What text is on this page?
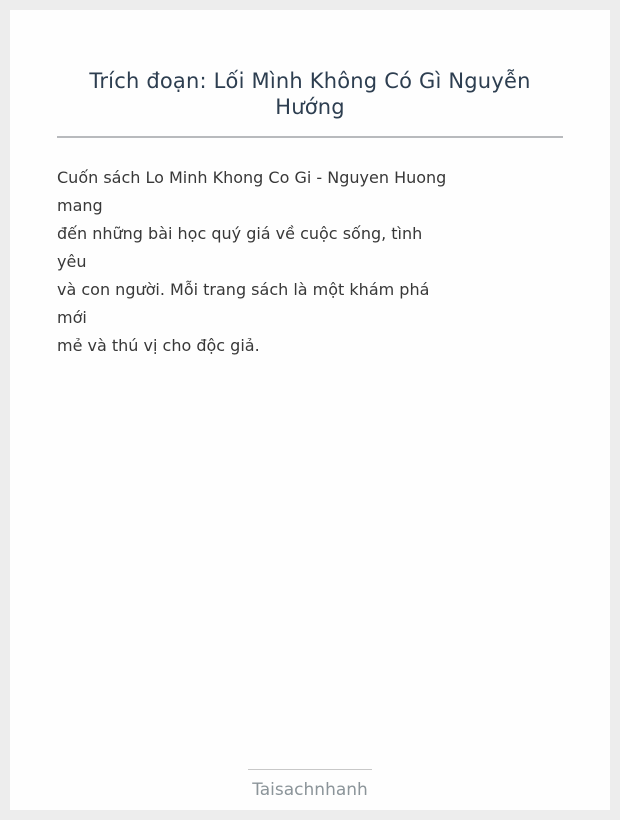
Trích đoạn: Lối Mình Không Có Gì Nguyễn Hướng
Cuốn sách Lo Minh Khong Co Gi - Nguyen Huong
mang
đến những bài học quý giá về cuộc sống, tình
yêu
và con người. Mỗi trang sách là một khám phá
mới
mẻ và thú vị cho độc giả.
Taisachnhanh
